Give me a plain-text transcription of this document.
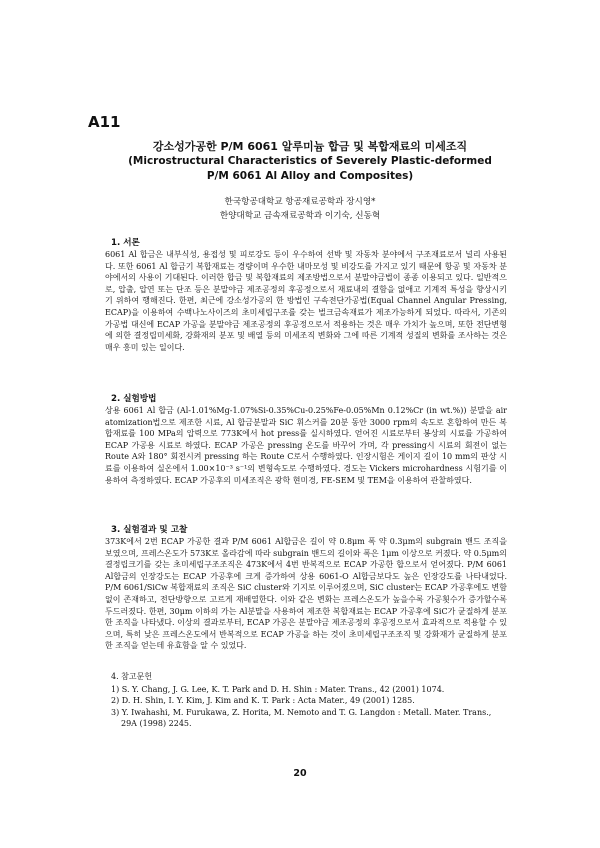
A11
강소성가공한 P/M 6061 알루미늄 합금 및 복합재료의 미세조직
(Microstructural Characteristics of Severely Plastic-deformed
P/M 6061 Al Alloy and Composites)
한국항공대학교 항공재료공학과 장시영*
한양대학교 금속재료공학과 이기숙, 신동혁
1. 서론

6061 Al 합금은 내부식성, 용접성 및 피로강도 등이 우수하여 선박 및 자동차 분야에서 구조재료로서 널리 사용된다. 또한 6061 Al 합금기 복합재료는 경량이며 우수한 내마모성 및 비강도를 가지고 있기 때문에 항공 및 자동차 분야에서의 사용이 기대된다. 이러한 합금 및 복합재료의 제조방법으로서 분말야금법이 종종 이용되고 있다. 일반적으로, 압출, 압연 또는 단조 등은 분말야금 제조공정의 후공정으로서 재료내의 결함을 없애고 기계적 특성을 향상시키기 위하여 행해진다. 한편, 최근에 강소성가공의 한 방법인 구속전단가공법(Equal Channel Angular Pressing, ECAP)을 이용하여 수백나노사이즈의 초미세립구조를 갖는 벌크금속재료가 제조가능하게 되었다. 따라서, 기존의 가공법 대신에 ECAP 가공을 분말야금 제조공정의 후공정으로서 적용하는 것은 매우 가치가 높으며, 또한 전단변형에 의한 결정립미세화, 강화재의 분포 및 배열 등의 미세조직 변화와 그에 따른 기계적 성질의 변화를 조사하는 것은 매우 흥미 있는 일이다.

2. 실험방법

상용 6061 Al 합금 (Al-1.01%Mg-1.07%Si-0.35%Cu-0.25%Fe-0.05%Mn 0.12%Cr (in wt.%)) 분말을 air atomization법으로 제조한 시료, Al 합금분말과 SiC 휘스커를 20분 동안 3000 rpm의 속도로 혼합하여 만든 복합재료를 100 MPa의 압력으로 773K에서 hot press를 실시하였다. 얻어진 시료로부터 봉상의 시료를 가공하여 ECAP 가공용 시료로 하였다. ECAP 가공은 pressing 온도를 바꾸어 가며, 각 pressing시 시료의 회전이 없는 Route A와 180° 회전시켜 pressing 하는 Route C로서 수행하였다. 인장시험은 게이지 길이 10 mm의 판상 시료를 이용하여 실온에서 1.00×10⁻³ s⁻¹의 변형속도로 수행하였다. 경도는 Vickers microhardness 시험기를 이용하여 측정하였다. ECAP 가공후의 미세조직은 광학 현미경, FE-SEM 및 TEM을 이용하여 관찰하였다.

3. 실험결과 및 고찰

373K에서 2번 ECAP 가공한 결과 P/M 6061 Al합금은 길이 약 0.8μm 폭 약 0.3μm의 subgrain 밴드 조직을 보였으며, 프레스온도가 573K로 올라감에 따라 subgrain 밴드의 길이와 폭은 1μm 이상으로 커졌다. 약 0.5μm의 결정립크기를 갖는 초미세립구조조직은 473K에서 4번 반복적으로 ECAP 가공한 합으로서 얻어졌다. P/M 6061 Al합금의 인장강도는 ECAP 가공후에 크게 증가하여 상용 6061-O Al합금보다도 높은 인장강도를 나타내었다. P/M 6061/SiCw 복합재료의 조직은 SiC cluster와 기지로 이루어졌으며, SiC cluster는 ECAP 가공후에도 변함없이 존재하고, 전단방향으로 고르게 재배열한다. 이와 같은 변화는 프레스온도가 높을수록 가공횟수가 증가할수록 두드러졌다. 한편, 30μm 이하의 가는 Al분말을 사용하여 제조한 복합재료는 ECAP 가공후에 SiC가 균질하게 분포한 조직을 나타냈다. 이상의 결과로부터, ECAP 가공은 분말야금 제조공정의 후공정으로서 효과적으로 적용할 수 있으며, 특히 낮은 프레스온도에서 반복적으로 ECAP 가공을 하는 것이 초미세립구조조직 및 강화재가 균질하게 분포한 조직을 얻는데 유효함을 알 수 있었다.

4. 참고문헌
1) S. Y. Chang, J. G. Lee, K. T. Park and D. H. Shin : Mater. Trans., 42 (2001) 1074.
2) D. H. Shin, I. Y. Kim, J. Kim and K. T. Park : Acta Mater., 49 (2001) 1285.
3) Y. Iwahashi, M. Furukawa, Z. Horita, M. Nemoto and T. G. Langdon : Metall. Mater. Trans., 29A (1998) 2245.
20
